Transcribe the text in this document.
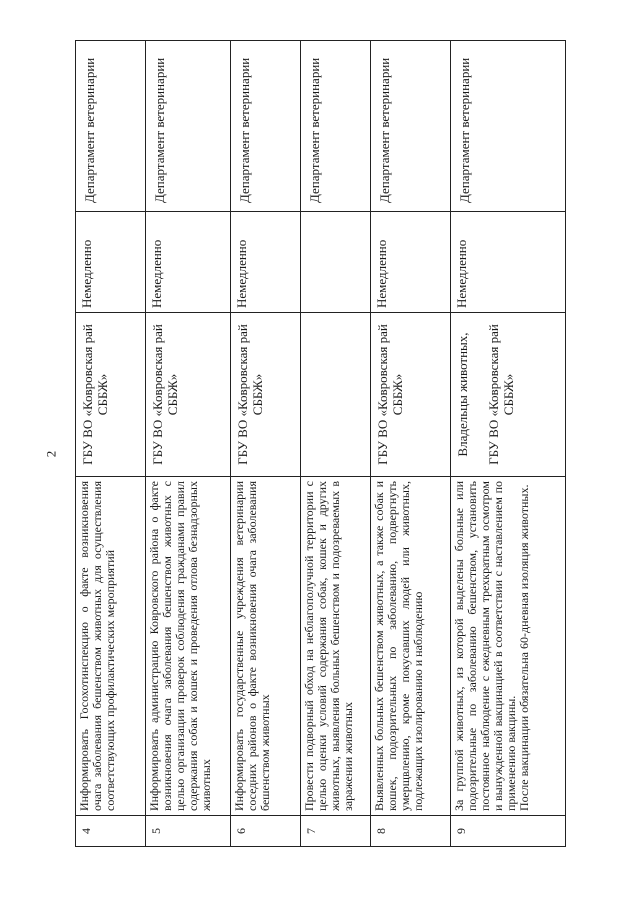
2
4	Информировать Госохотинспекцию о факте возникновения очага заболевания бешенством животных для осуществления соответствующих профилактических мероприятий	ГБУ ВО «Ковровская рай СББЖ»	Немедленно	Департамент ветеринарии
5	Информировать администрацию Ковровского района о факте возникновения очага заболевания бешенством животных с целью организации проверок соблюдения гражданами правил содержания собак и кошек и проведения отлова безнадзорных животных	ГБУ ВО «Ковровская рай СББЖ»	Немедленно	Департамент ветеринарии
6	Информировать государственные учреждения ветеринарии соседних районов о факте возникновения очага заболевания бешенством животных	ГБУ ВО «Ковровская рай СББЖ»	Немедленно	Департамент ветеринарии
7	Провести подворный обход на неблагополучной территории с целью оценки условий содержания собак, кошек и других животных, выявления больных бешенством и подозреваемых в заражении животных			Департамент ветеринарии
8	Выявленных больных бешенством животных, а также собак и кошек, подозрительных по заболеванию, подвергнуть умерщвлению, кроме покусавших людей или животных, подлежащих изолированию и наблюдению	ГБУ ВО «Ковровская рай СББЖ»	Немедленно	Департамент ветеринарии
9	За группой животных, из которой выделены больные или подозрительные по заболеванию бешенством, установить постоянное наблюдение с ежедневным трехкратным осмотром и вынужденной вакцинацией в соответствии с наставлением по применению вакцины. После вакцинации обязательна 60-дневная изоляция животных.	Владельцы животных, ГБУ ВО «Ковровская рай СББЖ»	Немедленно	Департамент ветеринарии
